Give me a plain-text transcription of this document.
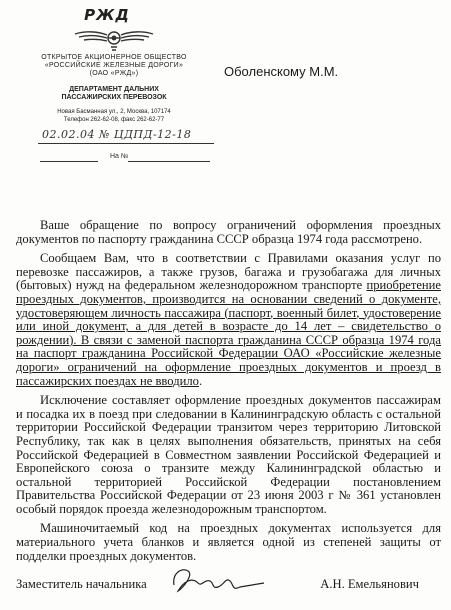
РЖД
ОТКРЫТОЕ АКЦИОНЕРНОЕ ОБЩЕСТВО
«РОССИЙСКИЕ ЖЕЛЕЗНЫЕ ДОРОГИ»
(ОАО «РЖД»)
ДЕПАРТАМЕНТ ДАЛЬНИХ
ПАССАЖИРСКИХ ПЕРЕВОЗОК
Новая Басманная ул., 2, Москва, 107174
Телефон 262-62-08, факс 262-62-77
02.02.04 № ЦДПД-12-18
На №
Оболенскому М.М.

Ваше обращение по вопросу ограничений оформления проездных документов по паспорту гражданина СССР образца 1974 года рассмотрено.

Сообщаем Вам, что в соответствии с Правилами оказания услуг по перевозке пассажиров, а также грузов, багажа и грузобагажа для личных (бытовых) нужд на федеральном железнодорожном транспорте приобретение проездных документов, производится на основании сведений о документе, удостоверяющем личность пассажира (паспорт, военный билет, удостоверение или иной документ, а для детей в возрасте до 14 лет – свидетельство о рождении). В связи с заменой паспорта гражданина СССР образца 1974 года на паспорт гражданина Российской Федерации ОАО «Российские железные дороги» ограничений на оформление проездных документов и проезд в пассажирских поездах не вводило.

Исключение составляет оформление проездных документов пассажирам и посадка их в поезд при следовании в Калининградскую область с остальной территории Российской Федерации транзитом через территорию Литовской Республику, так как в целях выполнения обязательств, принятых на себя Российской Федерацией в Совместном заявлении Российской Федерацией и Европейского союза о транзите между Калининградской областью и остальной территорией Российской Федерации постановлением Правительства Российской Федерации от 23 июня 2003 г № 361 установлен особый порядок проезда железнодорожным транспортом.

Машиночитаемый код на проездных документах используется для материального учета бланков и является одной из степеней защиты от подделки проездных документов.

Заместитель начальника	А.Н. Емельянович
